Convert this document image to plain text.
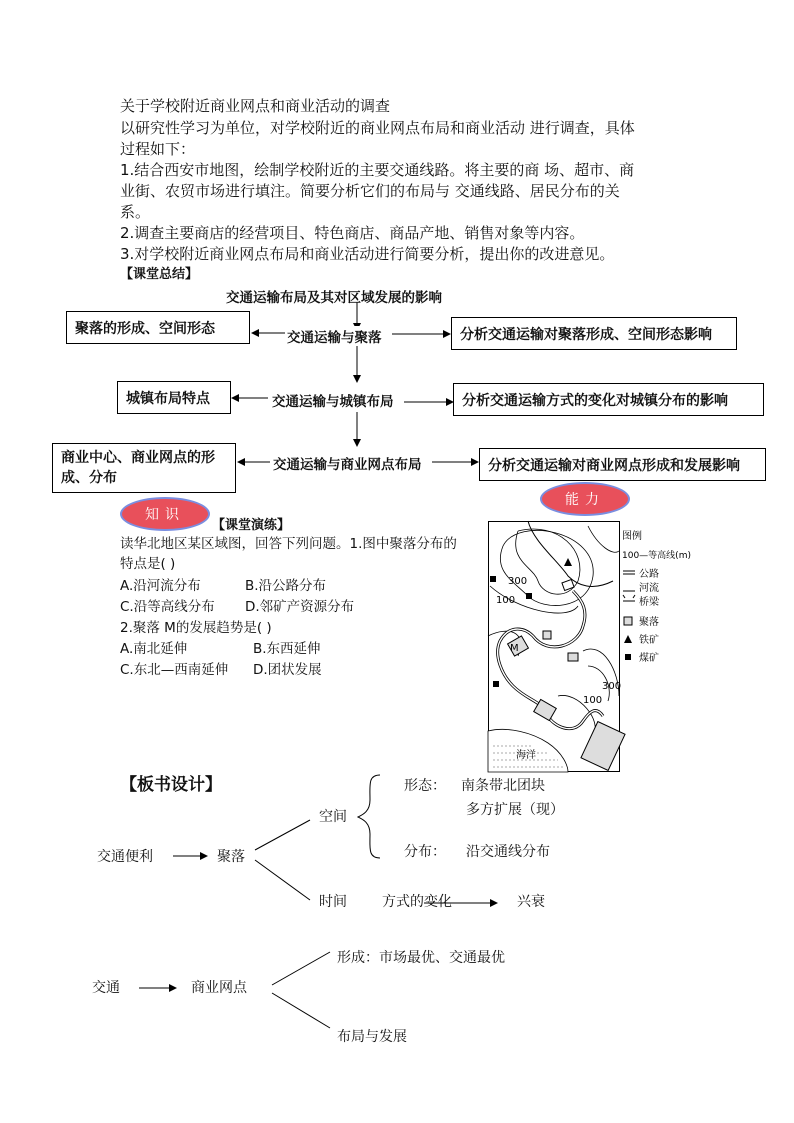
关于学校附近商业网点和商业活动的调查
以研究性学习为单位，对学校附近的商业网点布局和商业活动 进行调查，具体
过程如下：
1.结合西安市地图，绘制学校附近的主要交通线路。将主要的商 场、超市、商
业街、农贸市场进行填注。简要分析它们的布局与 交通线路、居民分布的关
系。
2.调查主要商店的经营项目、特色商店、商品产地、销售对象等内容。
3.对学校附近商业网点布局和商业活动进行简要分析，提出你的改进意见。
【课堂总结】
交通运输布局及其对区域发展的影响
聚落的形成、空间形态
交通运输与聚落	分析交通运输对聚落形成、空间形态影响
城镇布局特点	交通运输与城镇布局	分析交通运输方式的变化对城镇分布的影响
商业中心、商业网点的形成、分布
交通运输与商业网点布局	分析交通运输对商业网点形成和发展影响
知识
能力
【课堂演练】
读华北地区某区域图，回答下列问题。1.图中聚落分布的
特点是( )
A.沿河流分布	B.沿公路分布
C.沿等高线分布 D.邻矿产资源分布
2.聚落 M的发展趋势是( )
A.南北延伸	B.东西延伸
C.东北—西南延伸 D.团状发展
海洋
300
100
M
300
100
图例
100—等高线(m)
公路
河流
桥梁
聚落
铁矿
煤矿
【板书设计】
交通便利	聚落
空间
时间
形态： 南条带北团块
多方扩展（现）
分布： 沿交通线分布
方式的变化	兴衰
交通	商业网点
形成：市场最优、交通最优
布局与发展
